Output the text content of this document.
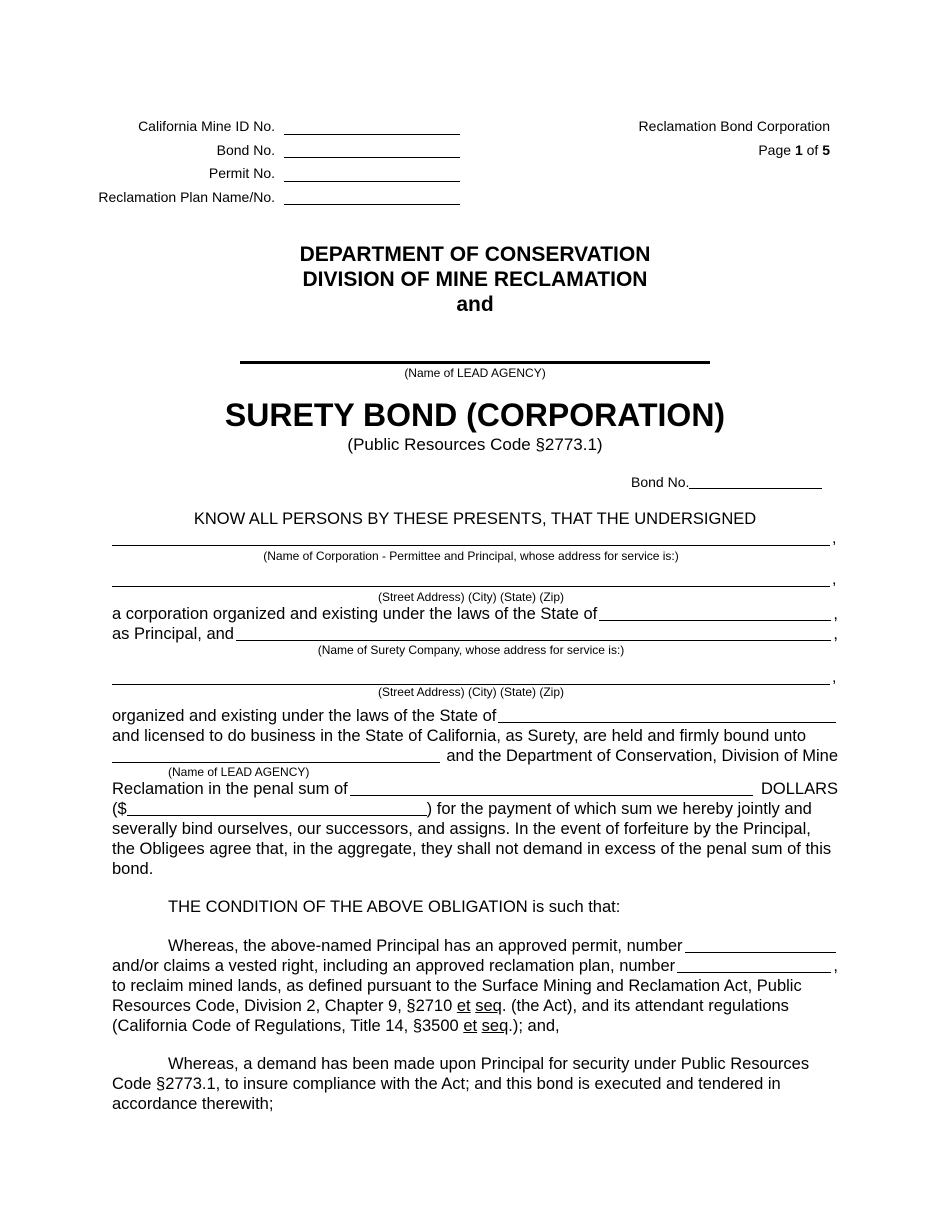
California Mine ID No.
Bond No.
Permit No.
Reclamation Plan Name/No.
Reclamation Bond Corporation
Page 1 of 5
DEPARTMENT OF CONSERVATION
DIVISION OF MINE RECLAMATION
and
(Name of LEAD AGENCY)
SURETY BOND (CORPORATION)
(Public Resources Code §2773.1)
Bond No.
KNOW ALL PERSONS BY THESE PRESENTS, THAT THE UNDERSIGNED
,
(Name of Corporation - Permittee and Principal, whose address for service is:)
,
(Street Address) (City) (State) (Zip)
a corporation organized and existing under the laws of the State of	,
as Principal, and	,
(Name of Surety Company, whose address for service is:)
,
(Street Address) (City) (State) (Zip)
organized and existing under the laws of the State of
and licensed to do business in the State of California, as Surety, are held and firmly bound unto
and the Department of Conservation, Division of Mine
(Name of LEAD AGENCY)
Reclamation in the penal sum of	DOLLARS
($	) for the payment of which sum we hereby jointly and
severally bind ourselves, our successors, and assigns. In the event of forfeiture by the Principal, the Obligees agree that, in the aggregate, they shall not demand in excess of the penal sum of this bond.
THE CONDITION OF THE ABOVE OBLIGATION is such that:
Whereas, the above-named Principal has an approved permit, number
and/or claims a vested right, including an approved reclamation plan, number	,
to reclaim mined lands, as defined pursuant to the Surface Mining and Reclamation Act, Public
Resources Code, Division 2, Chapter 9, §2710 et seq. (the Act), and its attendant regulations
(California Code of Regulations, Title 14, §3500 et seq.); and,
Whereas, a demand has been made upon Principal for security under Public Resources Code §2773.1, to insure compliance with the Act; and this bond is executed and tendered in accordance therewith;
